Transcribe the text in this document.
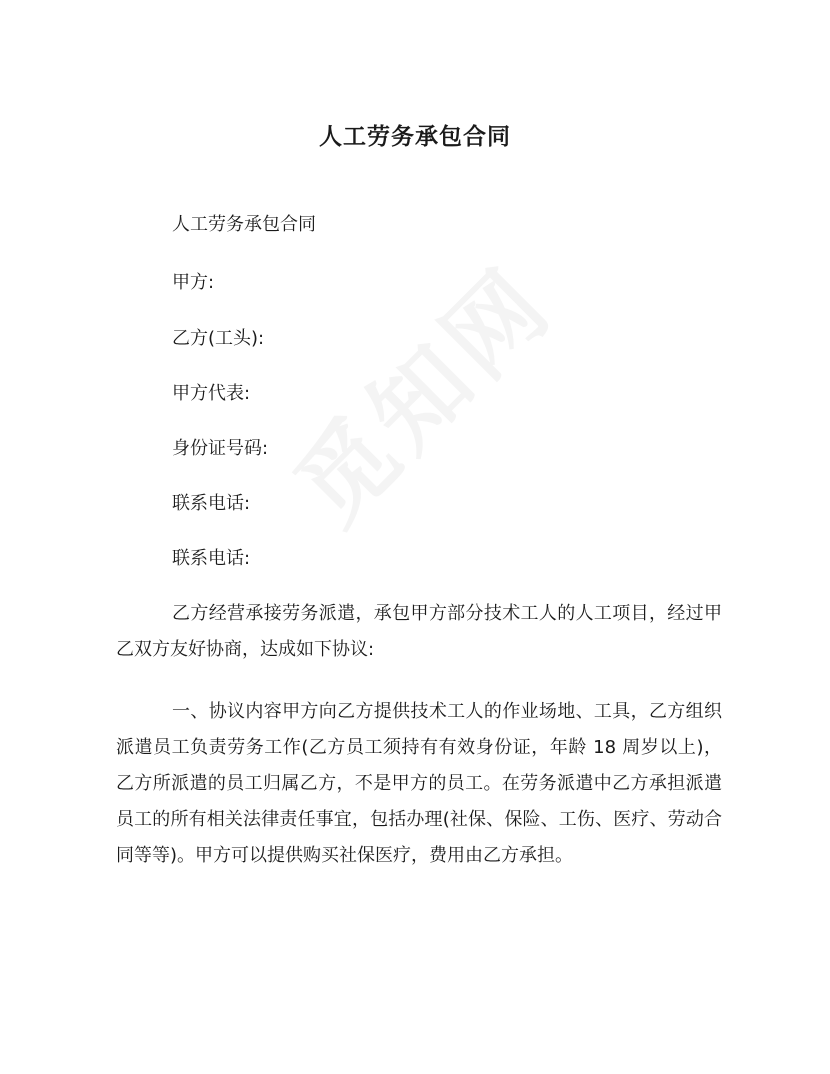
人工劳务承包合同
人工劳务承包合同
甲方:
乙方(工头):
甲方代表:
身份证号码:
联系电话:
联系电话:
乙方经营承接劳务派遣，承包甲方部分技术工人的人工项目，经过甲乙双方友好协商，达成如下协议:
一、协议内容甲方向乙方提供技术工人的作业场地、工具，乙方组织派遣员工负责劳务工作(乙方员工须持有有效身份证，年龄 18 周岁以上)，乙方所派遣的员工归属乙方，不是甲方的员工。在劳务派遣中乙方承担派遣员工的所有相关法律责任事宜，包括办理(社保、保险、工伤、医疗、劳动合同等等)。甲方可以提供购买社保医疗，费用由乙方承担。
